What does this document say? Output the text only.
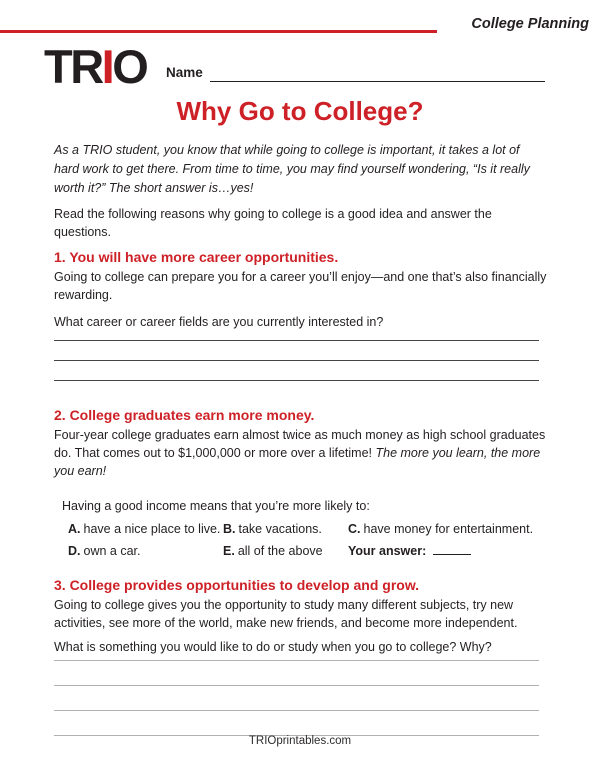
College Planning
TRIO Name
Why Go to College?

As a TRIO student, you know that while going to college is important, it takes a lot of hard work to get there. From time to time, you may find yourself wondering, “Is it really worth it?” The short answer is…yes!

Read the following reasons why going to college is a good idea and answer the questions.

1. You will have more career opportunities.

Going to college can prepare you for a career you’ll enjoy—and one that’s also financially rewarding.

What career or career fields are you currently interested in?

2. College graduates earn more money.

Four-year college graduates earn almost twice as much money as high school graduates do. That comes out to $1,000,000 or more over a lifetime! The more you learn, the more you earn!

Having a good income means that you’re more likely to:

A. have a nice place to live. B. take vacations.	C. have money for entertainment.
D. own a car.	E. all of the above	Your answer:
3. College provides opportunities to develop and grow.

Going to college gives you the opportunity to study many different subjects, try new activities, see more of the world, make new friends, and become more independent.

What is something you would like to do or study when you go to college? Why?

TRIOprintables.com
